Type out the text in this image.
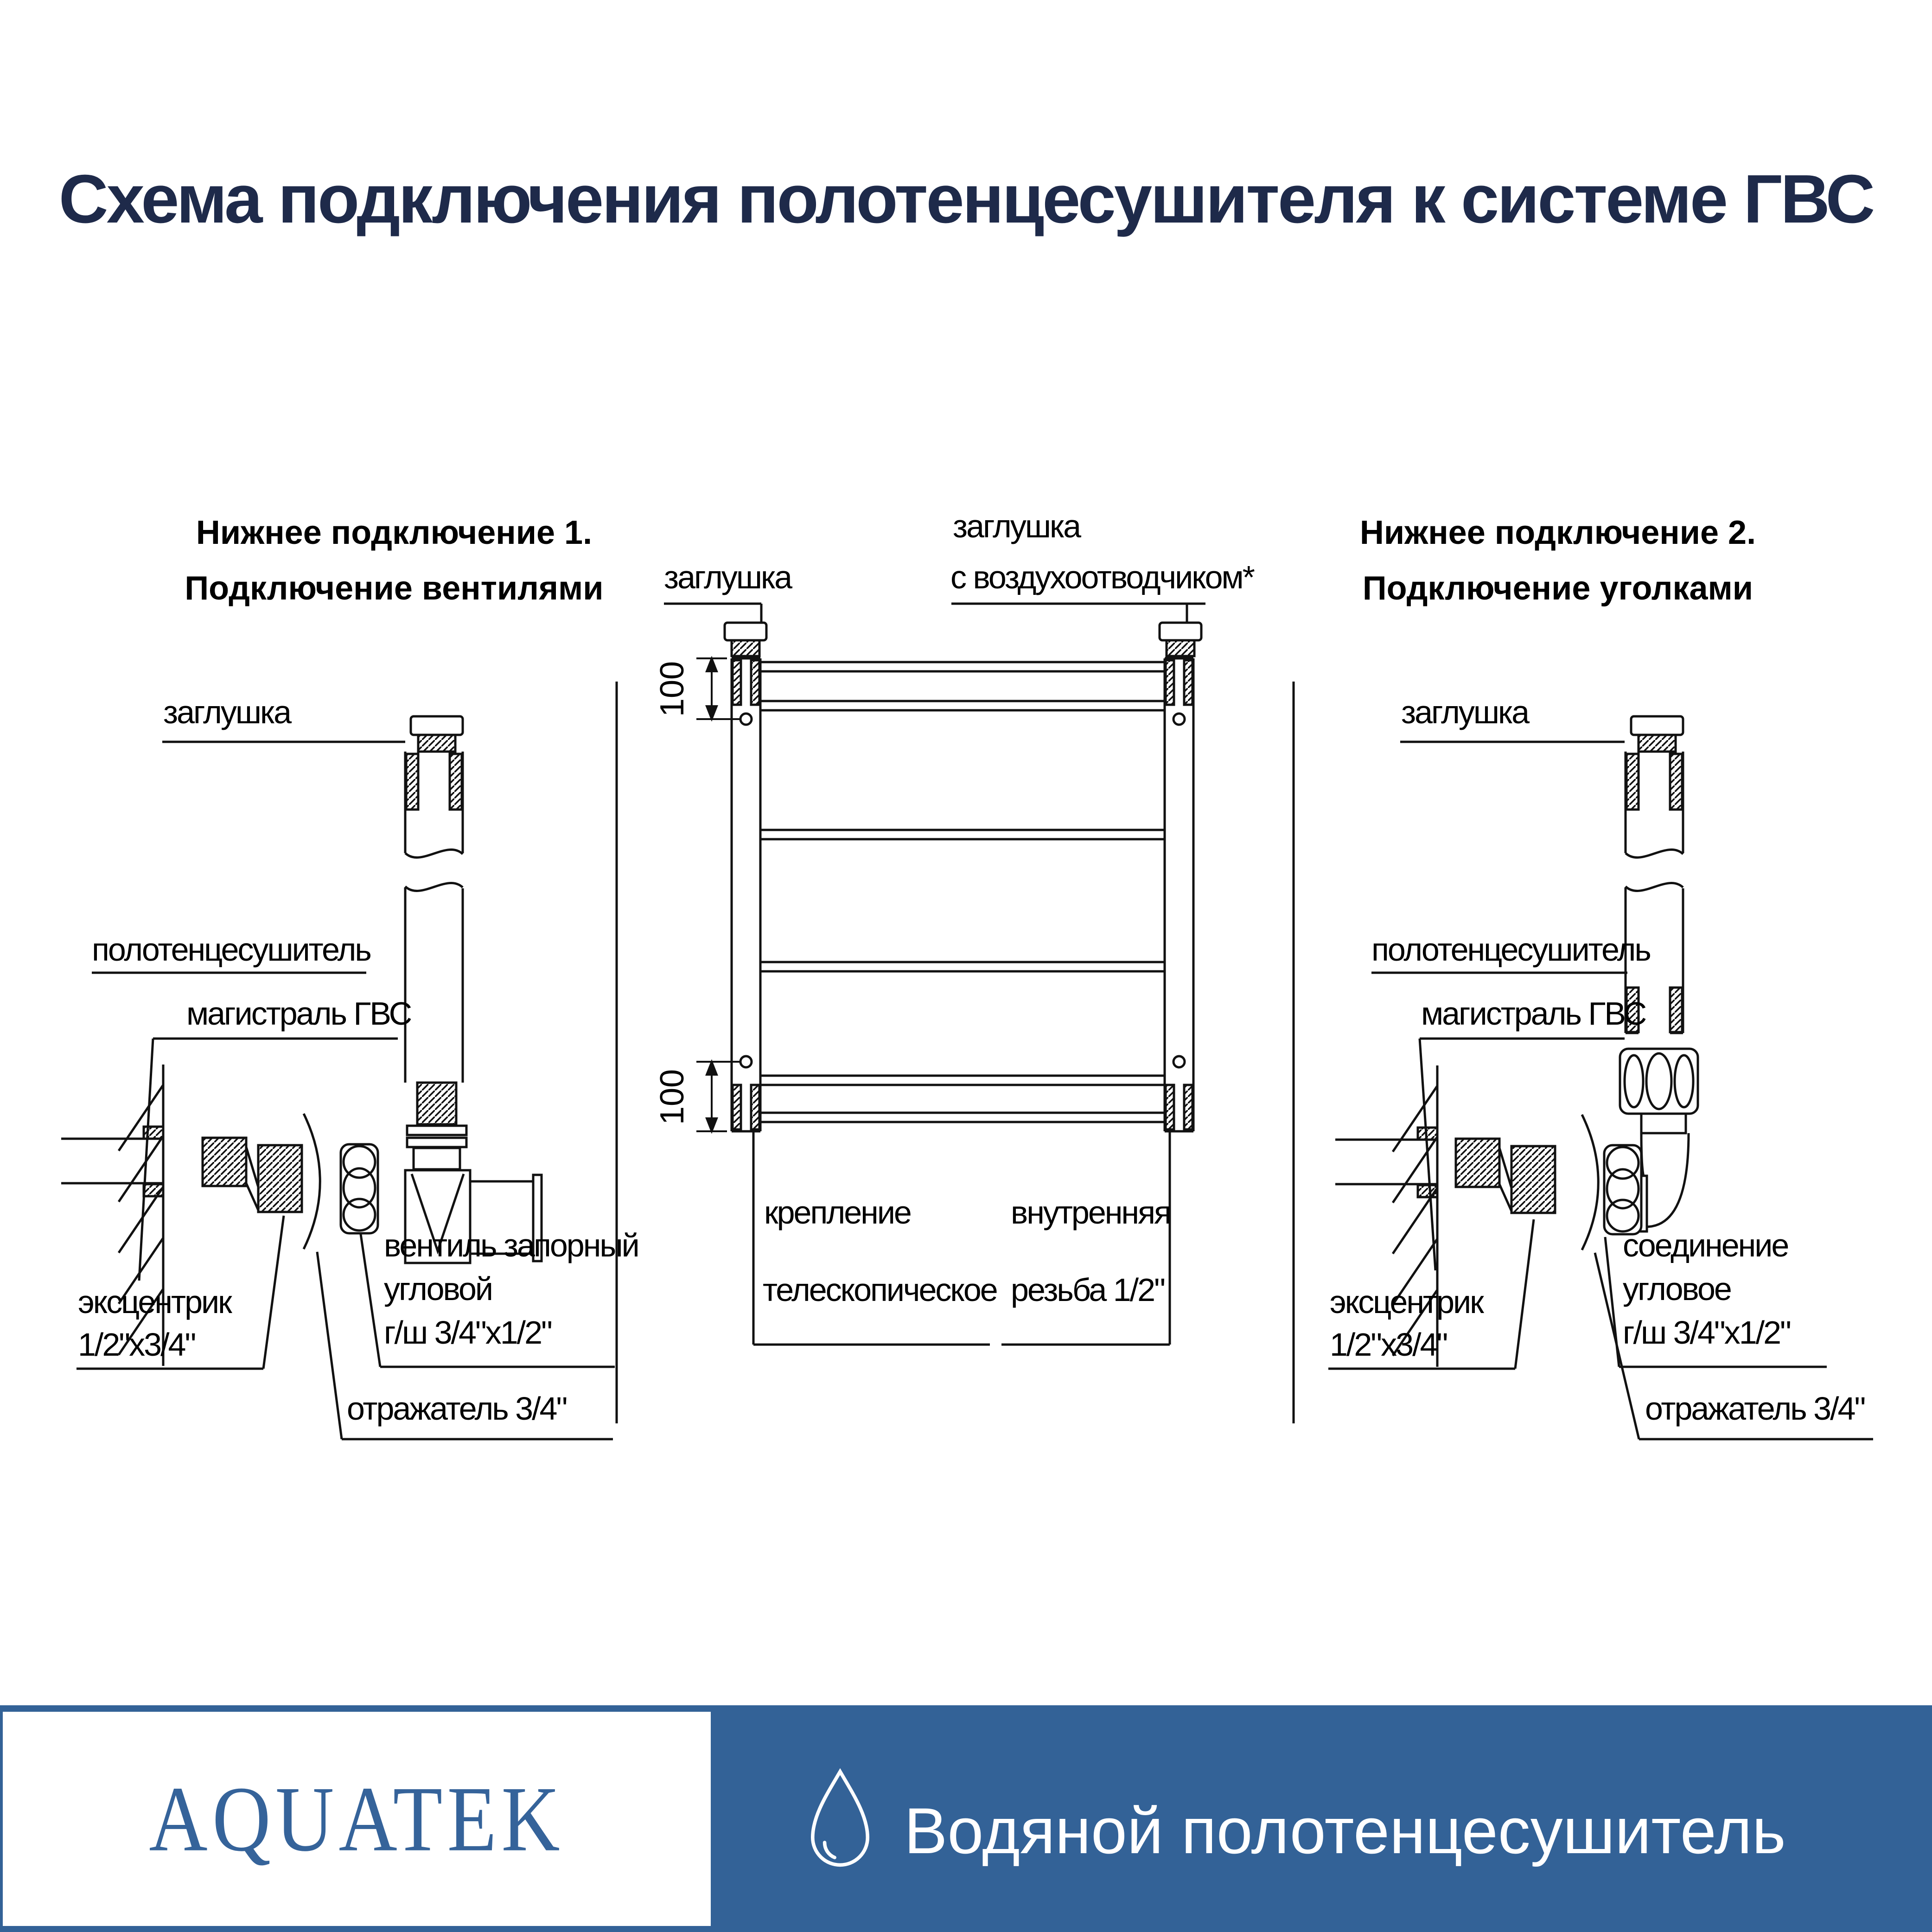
Схема подключения полотенцесушителя к системе ГВС
Нижнее подключение 1.
Подключение вентилями
заглушка
полотенцесушитель
магистраль ГВС
эксцентрик
1/2"x3/4"
вентиль запорный
угловой
г/ш 3/4"x1/2"
отражатель 3/4"
заглушка
заглушка
с воздухоотводчиком*
100
100
крепление
телескопическое
внутренняя
резьба 1/2"
Нижнее подключение 2.
Подключение уголками
заглушка
полотенцесушитель
магистраль ГВС
эксцентрик
1/2"x3/4"
соединение
угловое
г/ш 3/4"x1/2"
отражатель 3/4"
AQUATEK	Водяной полотенцесушитель
